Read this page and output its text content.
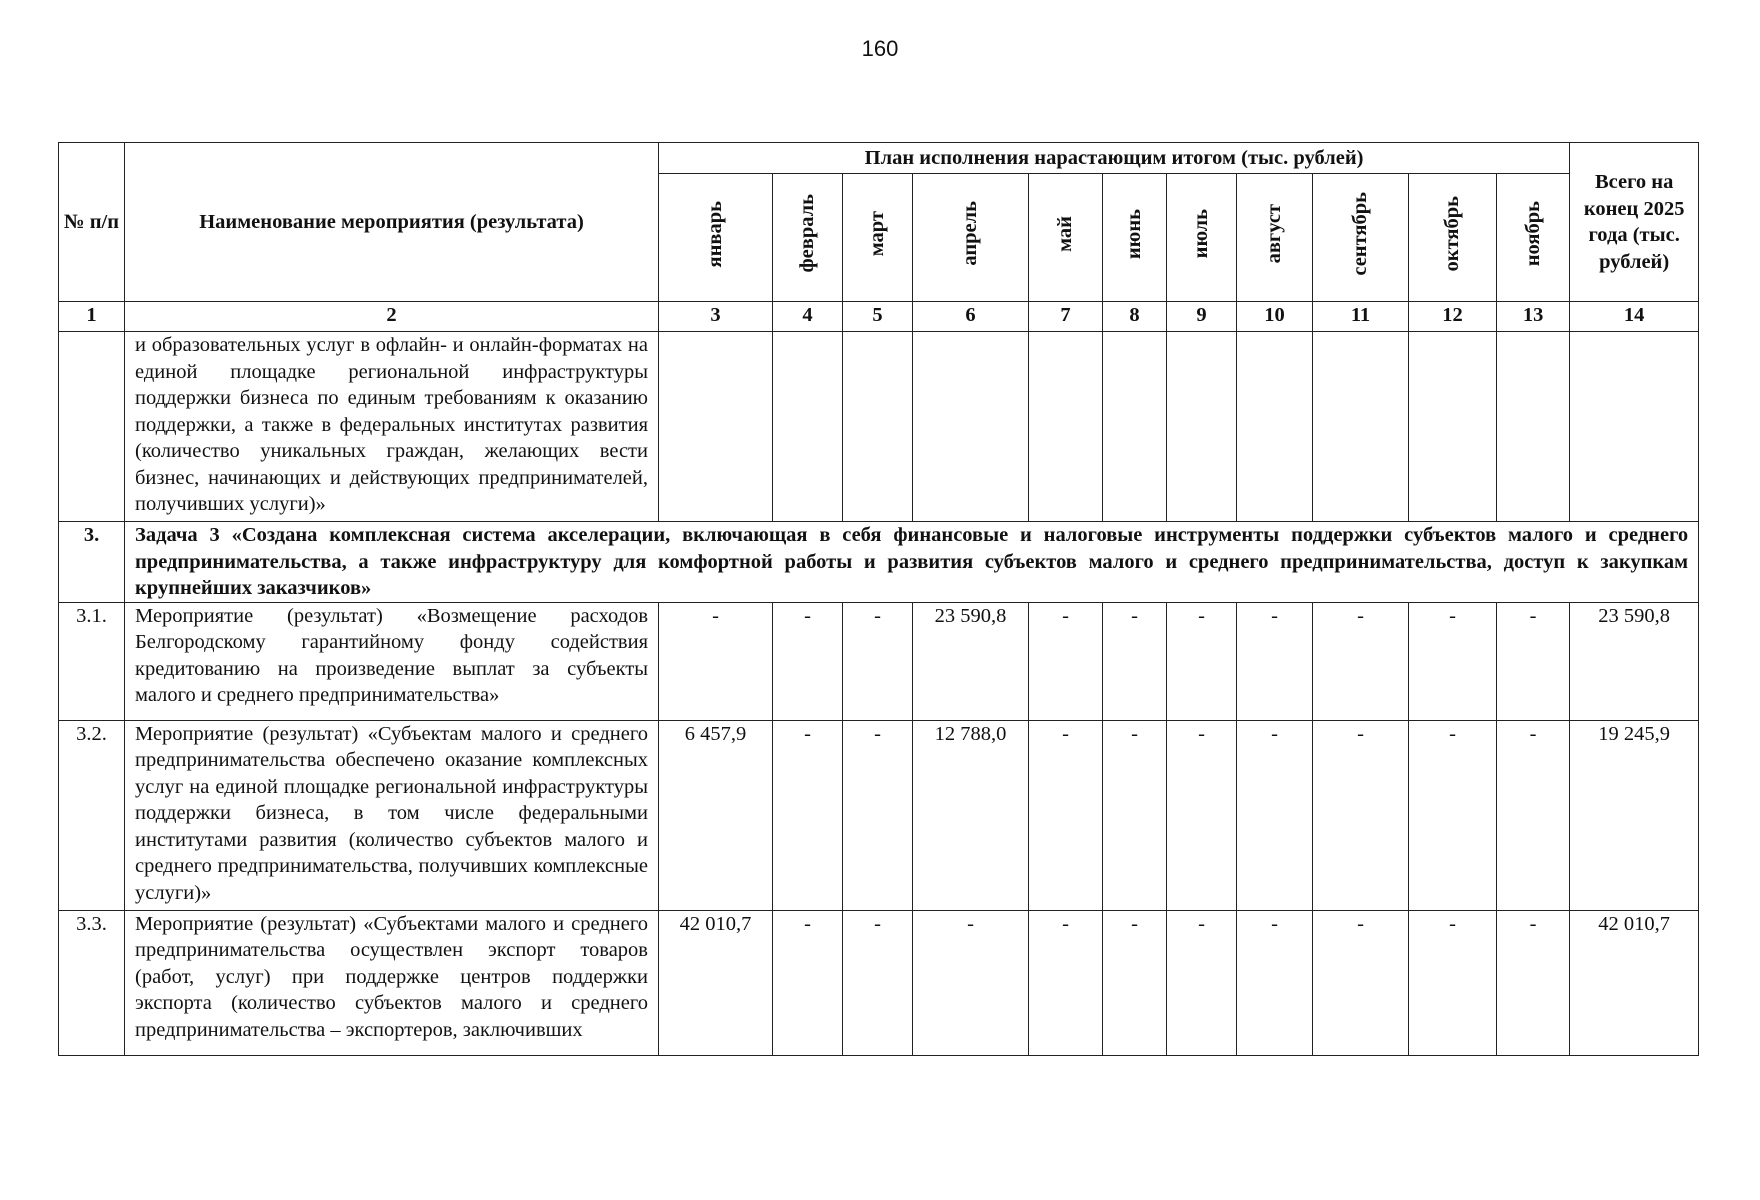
160
№ п/п	Наименование мероприятия (результата)	План исполнения нарастающим итогом (тыс. рублей)											Всего на конец 2025 года (тыс. рублей)
		январь	февраль	март	апрель	май	июнь	июль	август	сентябрь	октябрь	ноябрь	
1	2	3	4	5	6	7	8	9	10	11	12	13	14
	и образовательных услуг в офлайн- и онлайн-форматах на единой площадке региональной инфраструктуры поддержки бизнеса по единым требованиям к оказанию поддержки, а также в федеральных институтах развития (количество уникальных граждан, желающих вести бизнес, начинающих и действующих предпринимателей, получивших услуги)»												
3.	Задача 3 «Создана комплексная система акселерации, включающая в себя финансовые и налоговые инструменты поддержки субъектов малого и среднего предпринимательства, а также инфраструктуру для комфортной работы и развития субъектов малого и среднего предпринимательства, доступ к закупкам крупнейших заказчиков»												
3.1.	Мероприятие (результат) «Возмещение расходов Белгородскому гарантийному фонду содействия кредитованию на произведение выплат за субъекты малого и среднего предпринимательства»	-	-	-	23 590,8	-	-	-	-	-	-	-	23 590,8
3.2.	Мероприятие (результат) «Субъектам малого и среднего предпринимательства обеспечено оказание комплексных услуг на единой площадке региональной инфраструктуры поддержки бизнеса, в том числе федеральными институтами развития (количество субъектов малого и среднего предпринимательства, получивших комплексные услуги)»	6 457,9	-	-	12 788,0	-	-	-	-	-	-	-	19 245,9
3.3.	Мероприятие (результат) «Субъектами малого и среднего предпринимательства осуществлен экспорт товаров (работ, услуг) при поддержке центров поддержки экспорта (количество субъектов малого и среднего предпринимательства – экспортеров, заключивших	42 010,7	-	-	-	-	-	-	-	-	-	-	42 010,7
